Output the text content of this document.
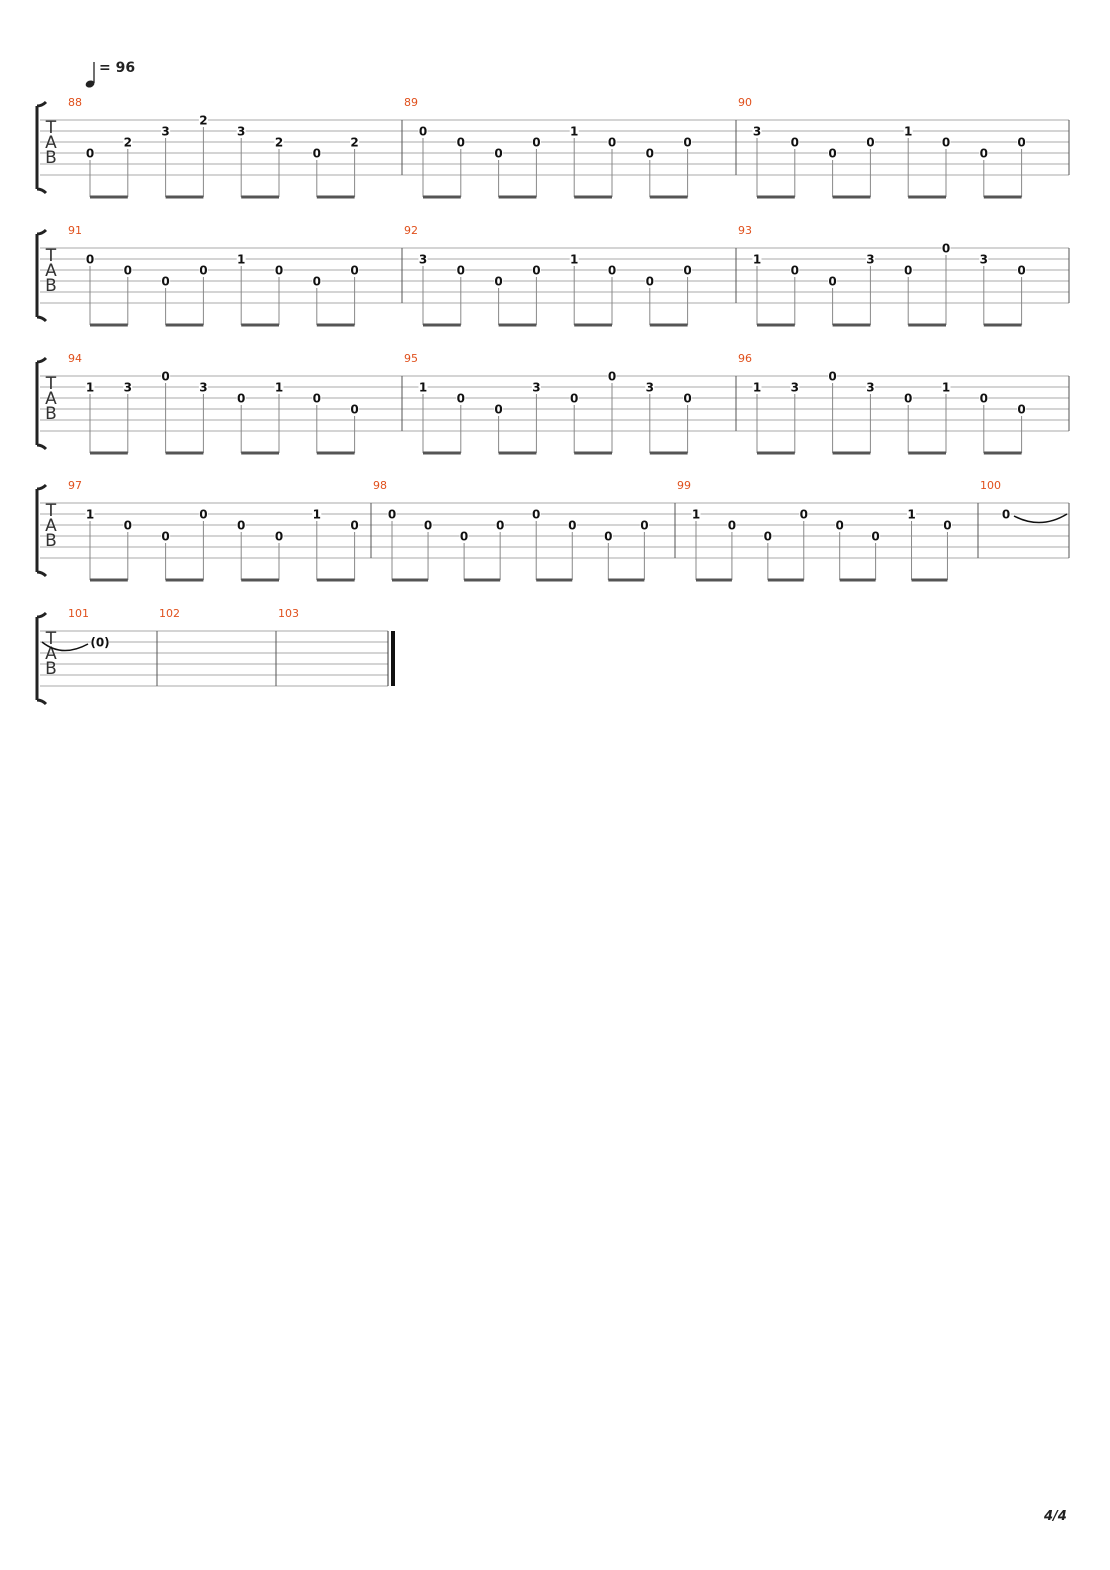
T
A
B
88
0
2
3
2
3
2
0
2
89
0
0
0
0
1
0
0
0
90
3
0
0
0
1
0
0
0
T
A
B
91
0
0
0
0
1
0
0
0
92
3
0
0
0
1
0
0
0
93
1
0
0
3
0
0
3
0
T
A
B
94
1 3
0
3
0
1
0
0
95
1
0
0
3
0
0
3
0
96
1 3
0
3
0
1
0
0
T
A
B
97
1
0
0
0
0
0
1
0
98
0
0
0
0
0
0
0
0
99
1
0
0
0
0
0
1
0
100
0
T
A
B
101
(0)
102	103
= 96
4/4
